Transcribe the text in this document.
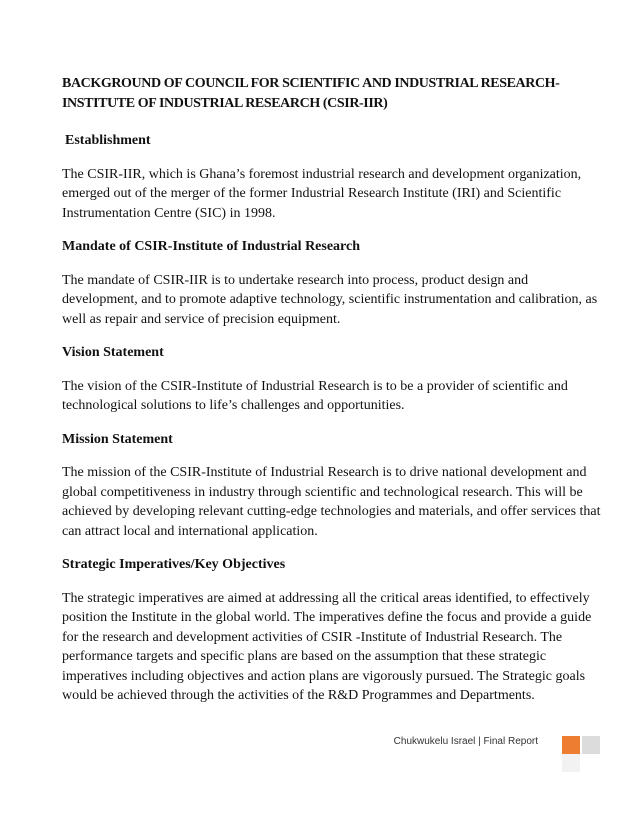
BACKGROUND OF COUNCIL FOR SCIENTIFIC AND INDUSTRIAL RESEARCH-INSTITUTE OF INDUSTRIAL RESEARCH (CSIR-IIR)

Establishment

The CSIR-IIR, which is Ghana’s foremost industrial research and development organization, emerged out of the merger of the former Industrial Research Institute (IRI) and Scientific Instrumentation Centre (SIC) in 1998.

Mandate of CSIR-Institute of Industrial Research

The mandate of CSIR-IIR is to undertake research into process, product design and development, and to promote adaptive technology, scientific instrumentation and calibration, as well as repair and service of precision equipment.

Vision Statement

The vision of the CSIR-Institute of Industrial Research is to be a provider of scientific and technological solutions to life’s challenges and opportunities.

Mission Statement

The mission of the CSIR-Institute of Industrial Research is to drive national development and global competitiveness in industry through scientific and technological research. This will be achieved by developing relevant cutting-edge technologies and materials, and offer services that can attract local and international application.

Strategic Imperatives/Key Objectives

The strategic imperatives are aimed at addressing all the critical areas identified, to effectively position the Institute in the global world. The imperatives define the focus and provide a guide for the research and development activities of CSIR -Institute of Industrial Research. The performance targets and specific plans are based on the assumption that these strategic imperatives including objectives and action plans are vigorously pursued. The Strategic goals would be achieved through the activities of the R&D Programmes and Departments.

Chukwukelu Israel | Final Report
